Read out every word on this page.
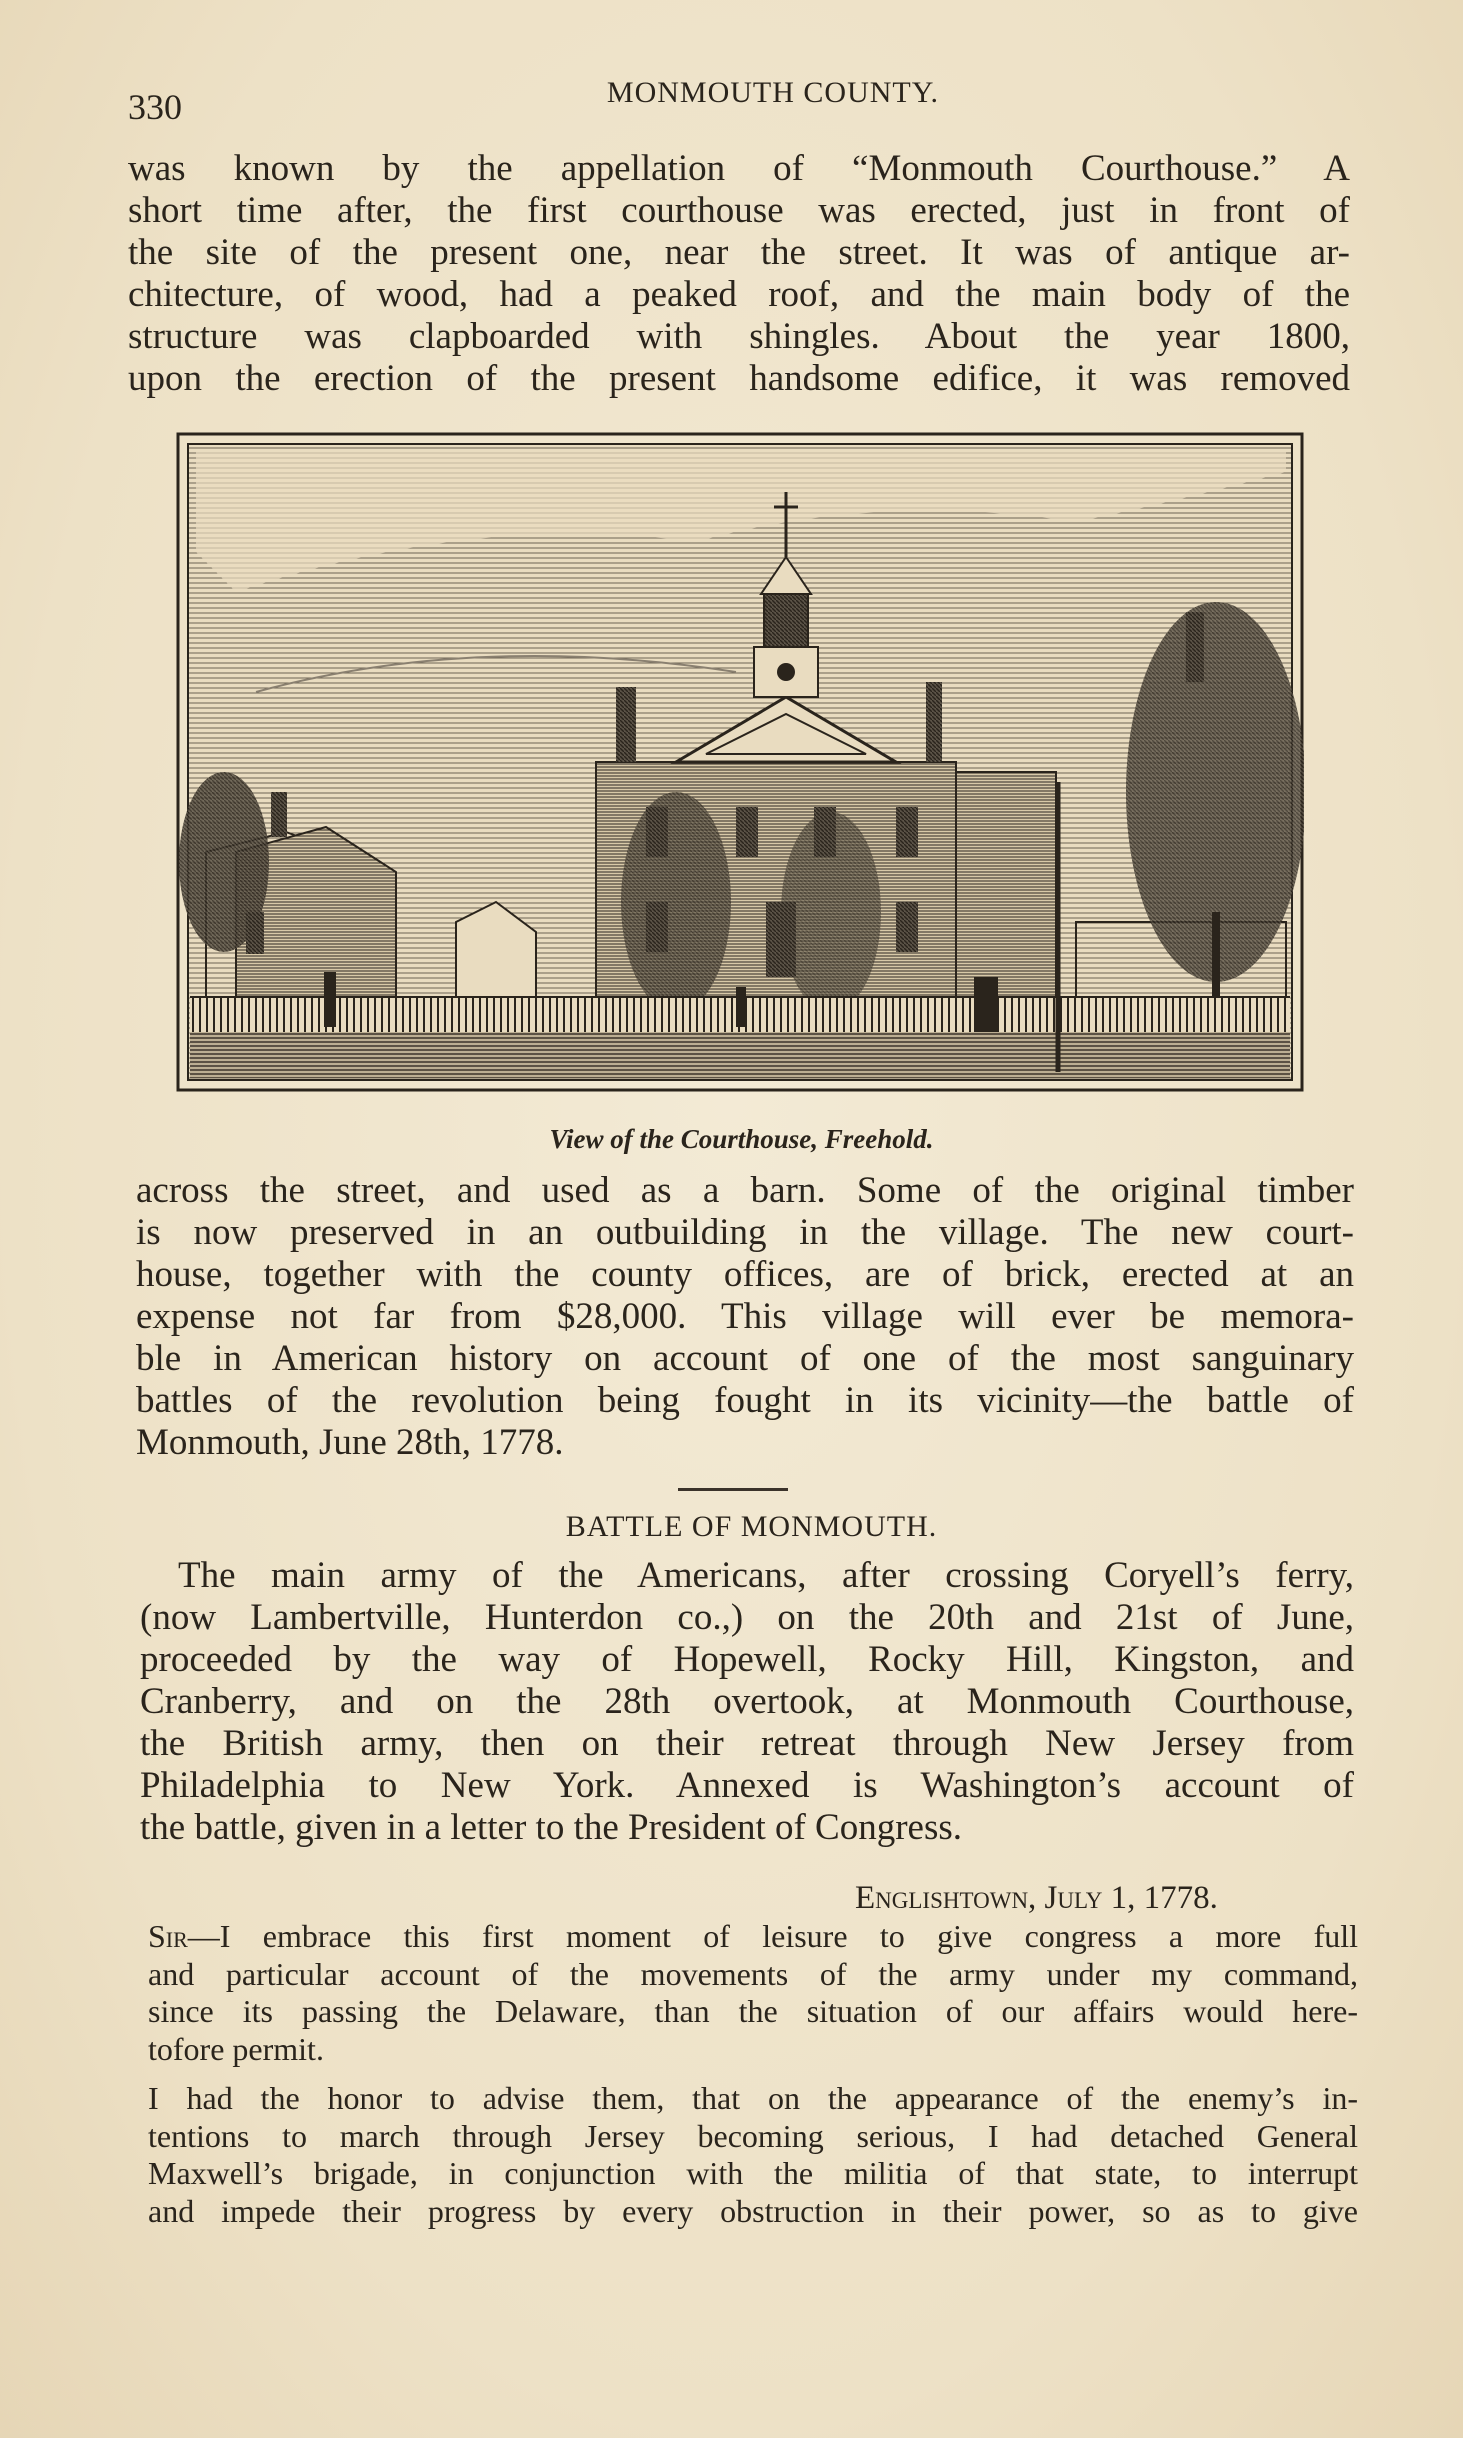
330	MONMOUTH COUNTY.
was known by the appellation of “Monmouth Courthouse.” A
short time after, the first courthouse was erected, just in front of
the site of the present one, near the street. It was of antique ar-
chitecture, of wood, had a peaked roof, and the main body of the
structure was clapboarded with shingles. About the year 1800,
upon the erection of the present handsome edifice, it was removed
View of the Courthouse, Freehold.
across the street, and used as a barn. Some of the original timber
is now preserved in an outbuilding in the village. The new court-
house, together with the county offices, are of brick, erected at an
expense not far from $28,000. This village will ever be memora-
ble in American history on account of one of the most sanguinary
battles of the revolution being fought in its vicinity—the battle of
Monmouth, June 28th, 1778.
BATTLE OF MONMOUTH.
The main army of the Americans, after crossing Coryell’s ferry,
(now Lambertville, Hunterdon co.,) on the 20th and 21st of June,
proceeded by the way of Hopewell, Rocky Hill, Kingston, and
Cranberry, and on the 28th overtook, at Monmouth Courthouse,
the British army, then on their retreat through New Jersey from
Philadelphia to New York. Annexed is Washington’s account of
the battle, given in a letter to the President of Congress.
Englishtown, July 1, 1778.
Sir—I embrace this first moment of leisure to give congress a more full
and particular account of the movements of the army under my command,
since its passing the Delaware, than the situation of our affairs would here-
tofore permit.
I had the honor to advise them, that on the appearance of the enemy’s in-
tentions to march through Jersey becoming serious, I had detached General
Maxwell’s brigade, in conjunction with the militia of that state, to interrupt
and impede their progress by every obstruction in their power, so as to give
